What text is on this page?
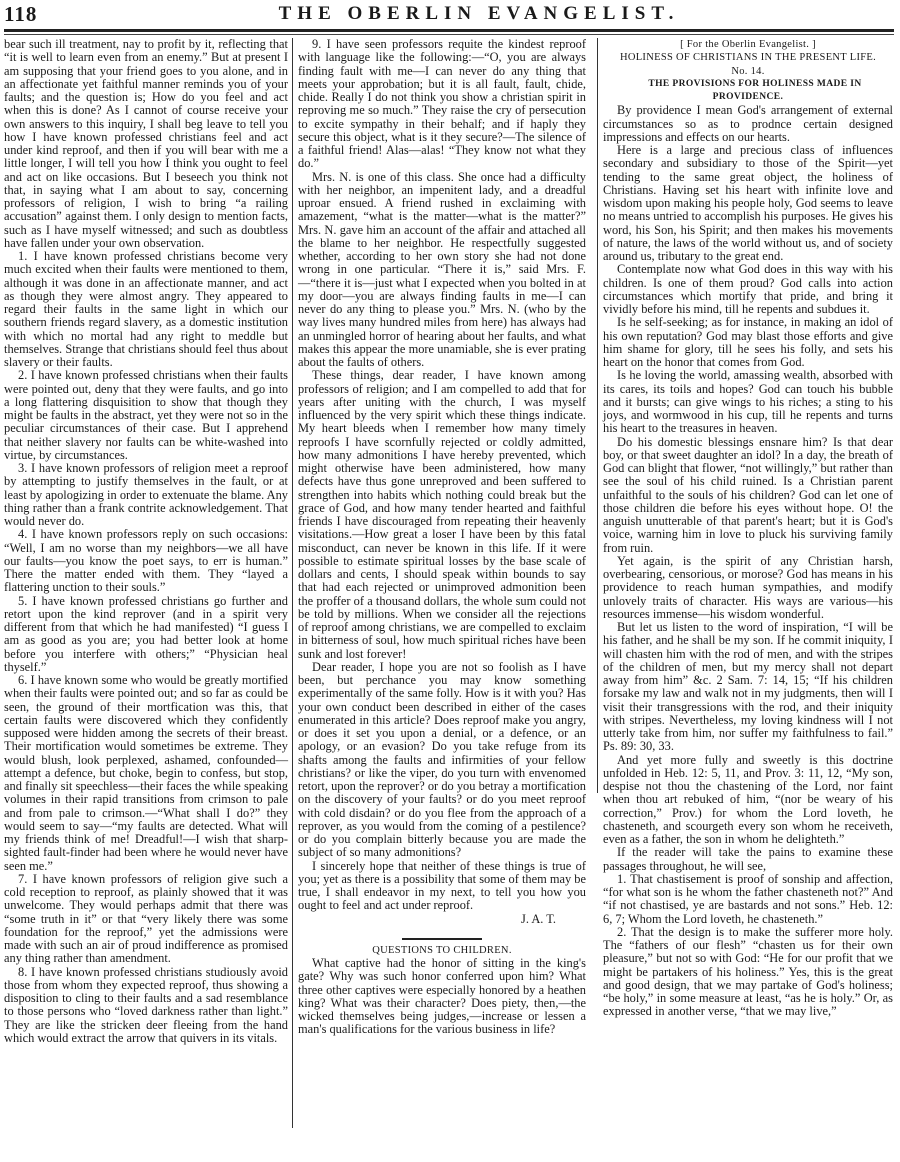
118	THE OBERLIN EVANGELIST.

bear such ill treatment, nay to profit by it, reflecting that “it is well to learn even from an enemy.” But at present I am supposing that your friend goes to you alone, and in an affectionate yet faithful manner reminds you of your faults; and the question is; How do you feel and act when this is done? As I cannot of course receive your own answers to this inquiry, I shall beg leave to tell you how I have known professed christians feel and act under kind reproof, and then if you will bear with me a little longer, I will tell you how I think you ought to feel and act on like occasions. But I beseech you think not that, in saying what I am about to say, concerning professors of religion, I wish to bring “a railing accusation” against them. I only design to mention facts, such as I have myself witnessed; and such as doubtless have fallen under your own observation.

1. I have known professed christians become very much excited when their faults were mentioned to them, although it was done in an affectionate manner, and act as though they were almost angry. They appeared to regard their faults in the same light in which our southern friends regard slavery, as a domestic institution with which no mortal had any right to meddle but themselves. Strange that christians should feel thus about slavery or their faults.

2. I have known professed christians when their faults were pointed out, deny that they were faults, and go into a long flattering disquisition to show that though they might be faults in the abstract, yet they were not so in the peculiar circumstances of their case. But I apprehend that neither slavery nor faults can be white-washed into virtue, by circumstances.

3. I have known professors of religion meet a reproof by attempting to justify themselves in the fault, or at least by apologizing in order to extenuate the blame. Any thing rather than a frank contrite acknowledgement. That would never do.

4. I have known professors reply on such occasions: “Well, I am no worse than my neighbors—we all have our faults—you know the poet says, to err is human.” There the matter ended with them. They “layed a flattering unction to their souls.”

5. I have known professed christians go further and retort upon the kind reprover (and in a spirit very different from that which he had manifested) “I guess I am as good as you are; you had better look at home before you interfere with others;” “Physician heal thyself.”

6. I have known some who would be greatly mortified when their faults were pointed out; and so far as could be seen, the ground of their mortfication was this, that certain faults were discovered which they confidently supposed were hidden among the secrets of their breast. Their mortification would sometimes be extreme. They would blush, look perplexed, ashamed, confounded—attempt a defence, but choke, begin to confess, but stop, and finally sit speechless—their faces the while speaking volumes in their rapid transitions from crimson to pale and from pale to crimson.—“What shall I do?” they would seem to say—“my faults are detected. What will my friends think of me! Dreadful!—I wish that sharp-sighted fault-finder had been where he would never have seen me.”

7. I have known professors of religion give such a cold reception to reproof, as plainly showed that it was unwelcome. They would perhaps admit that there was “some truth in it” or that “very likely there was some foundation for the reproof,” yet the admissions were made with such an air of proud indifference as promised any thing rather than amendment.

8. I have known professed christians studiously avoid those from whom they expected reproof, thus showing a disposition to cling to their faults and a sad resemblance to those persons who “loved darkness rather than light.” They are like the stricken deer fleeing from the hand which would extract the arrow that quivers in its vitals.

9. I have seen professors requite the kindest reproof with language like the following:—“O, you are always finding fault with me—I can never do any thing that meets your approbation; but it is all fault, fault, chide, chide. Really I do not think you show a christian spirit in reproving me so much.” They raise the cry of persecution to excite sympathy in their behalf; and if haply they secure this object, what is it they secure?—The silence of a faithful friend! Alas—alas! “They know not what they do.”

Mrs. N. is one of this class. She once had a difficulty with her neighbor, an impenitent lady, and a dreadful uproar ensued. A friend rushed in exclaiming with amazement, “what is the matter—what is the matter?” Mrs. N. gave him an account of the affair and attached all the blame to her neighbor. He respectfully suggested whether, according to her own story she had not done wrong in one particular. “There it is,” said Mrs. F.—“there it is—just what I expected when you bolted in at my door—you are always finding faults in me—I can never do any thing to please you.” Mrs. N. (who by the way lives many hundred miles from here) has always had an unmingled horror of hearing about her faults, and what makes this appear the more unamiable, she is ever prating about the faults of others.

These things, dear reader, I have known among professors of religion; and I am compelled to add that for years after uniting with the church, I was myself influenced by the very spirit which these things indicate. My heart bleeds when I remember how many timely reproofs I have scornfully rejected or coldly admitted, how many admonitions I have hereby prevented, which might otherwise have been administered, how many defects have thus gone unreproved and been suffered to strengthen into habits which nothing could break but the grace of God, and how many tender hearted and faithful friends I have discouraged from repeating their heavenly visitations.—How great a loser I have been by this fatal misconduct, can never be known in this life. If it were possible to estimate spiritual losses by the base scale of dollars and cents, I should speak within bounds to say that had each rejected or unimproved admonition been the proffer of a thousand dollars, the whole sum could not be told by millions. When we consider all the rejections of reproof among christians, we are compelled to exclaim in bitterness of soul, how much spiritual riches have been sunk and lost forever!

Dear reader, I hope you are not so foolish as I have been, but perchance you may know something experimentally of the same folly. How is it with you? Has your own conduct been described in either of the cases enumerated in this article? Does reproof make you angry, or does it set you upon a denial, or a defence, or an apology, or an evasion? Do you take refuge from its shafts among the faults and infirmities of your fellow christians? or like the viper, do you turn with envenomed retort, upon the reprover? or do you betray a mortification on the discovery of your faults? or do you meet reproof with cold disdain? or do you flee from the approach of a reprover, as you would from the coming of a pestilence? or do you complain bitterly because you are made the subject of so many admonitions?

I sincerely hope that neither of these things is true of you; yet as there is a possibility that some of them may be true, I shall endeavor in my next, to tell you how you ought to feel and act under reproof.

J. A. T.

QUESTIONS TO CHILDREN.

What captive had the honor of sitting in the king's gate? Why was such honor conferred upon him? What three other captives were especially honored by a heathen king? What was their character? Does piety, then,—the wicked themselves being judges,—increase or lessen a man's qualifications for the various business in life?

[ For the Oberlin Evangelist. ]

HOLINESS OF CHRISTIANS IN THE PRESENT LIFE.

No. 14.

THE PROVISIONS FOR HOLINESS MADE IN PROVIDENCE.

By providence I mean God's arrangement of external circumstances so as to prodnce certain designed impressions and effects on our hearts.

Here is a large and precious class of influences secondary and subsidiary to those of the Spirit—yet tending to the same great object, the holiness of Christians. Having set his heart with infinite love and wisdom upon making his people holy, God seems to leave no means untried to accomplish his purposes. He gives his word, his Son, his Spirit; and then makes his movements of nature, the laws of the world without us, and of society around us, tributary to the great end.

Contemplate now what God does in this way with his children. Is one of them proud? God calls into action circumstances which mortify that pride, and bring it vividly before his mind, till he repents and subdues it.

Is he self-seeking; as for instance, in making an idol of his own reputation? God may blast those efforts and give him shame for glory, till he sees his folly, and sets his heart on the honor that comes from God.

Is he loving the world, amassing wealth, absorbed with its cares, its toils and hopes? God can touch his bubble and it bursts; can give wings to his riches; a sting to his joys, and wormwood in his cup, till he repents and turns his heart to the treasures in heaven.

Do his domestic blessings ensnare him? Is that dear boy, or that sweet daughter an idol? In a day, the breath of God can blight that flower, “not willingly,” but rather than see the soul of his child ruined. Is a Christian parent unfaithful to the souls of his children? God can let one of those children die before his eyes without hope. O! the anguish unutterable of that parent's heart; but it is God's voice, warning him in love to pluck his surviving family from ruin.

Yet again, is the spirit of any Christian harsh, overbearing, censorious, or morose? God has means in his providence to reach human sympathies, and modify unlovely traits of character. His ways are various—his resources immense—his wisdom wonderful.

But let us listen to the word of inspiration, “I will be his father, and he shall be my son. If he commit iniquity, I will chasten him with the rod of men, and with the stripes of the children of men, but my mercy shall not depart away from him” &c. 2 Sam. 7: 14, 15; “If his children forsake my law and walk not in my judgments, then will I visit their transgressions with the rod, and their iniquity with stripes. Nevertheless, my loving kindness will I not utterly take from him, nor suffer my faithfulness to fail.” Ps. 89: 30, 33.

And yet more fully and sweetly is this doctrine unfolded in Heb. 12: 5, 11, and Prov. 3: 11, 12, “My son, despise not thou the chastening of the Lord, nor faint when thou art rebuked of him, “(nor be weary of his correction,” Prov.) for whom the Lord loveth, he chasteneth, and scourgeth every son whom he receiveth, even as a father, the son in whom he delighteth.”

If the reader will take the pains to examine these passages throughout, he will see,

1. That chastisement is proof of sonship and affection, “for what son is he whom the father chasteneth not?” And “if not chastised, ye are bastards and not sons.” Heb. 12: 6, 7; Whom the Lord loveth, he chasteneth.”

2. That the design is to make the sufferer more holy. The “fathers of our flesh” “chasten us for their own pleasure,” but not so with God: “He for our profit that we might be partakers of his holiness.” Yes, this is the great and good design, that we may partake of God's holiness; “be holy,” in some measure at least, “as he is holy.” Or, as expressed in another verse, “that we may live,”
